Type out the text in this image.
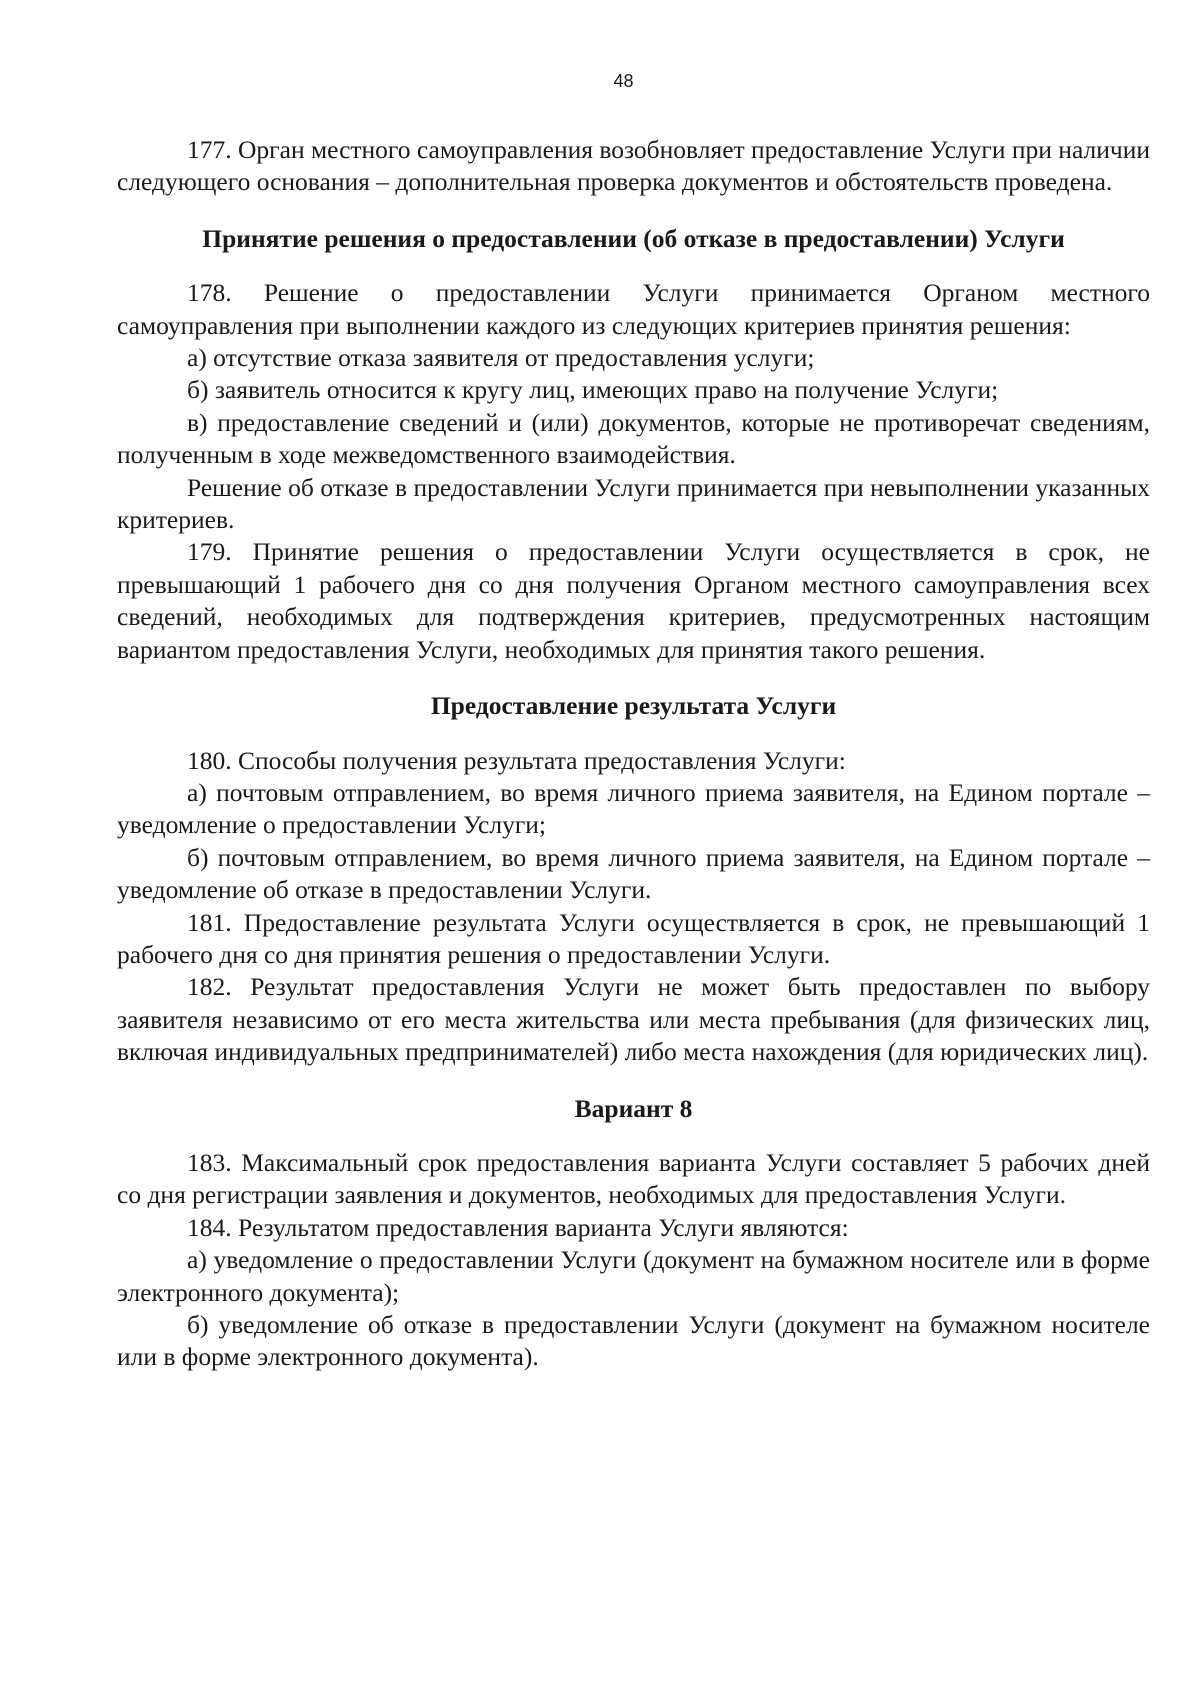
48

177. Орган местного самоуправления возобновляет предоставление Услуги при наличии следующего основания – дополнительная проверка документов и обстоятельств проведена.

Принятие решения о предоставлении (об отказе в предоставлении) Услуги

178. Решение о предоставлении Услуги принимается Органом местного самоуправления при выполнении каждого из следующих критериев принятия решения:

а) отсутствие отказа заявителя от предоставления услуги;

б) заявитель относится к кругу лиц, имеющих право на получение Услуги;

в) предоставление сведений и (или) документов, которые не противоречат сведениям, полученным в ходе межведомственного взаимодействия.

Решение об отказе в предоставлении Услуги принимается при невыполнении указанных критериев.

179. Принятие решения о предоставлении Услуги осуществляется в срок, не превышающий 1 рабочего дня со дня получения Органом местного самоуправления всех сведений, необходимых для подтверждения критериев, предусмотренных настоящим вариантом предоставления Услуги, необходимых для принятия такого решения.

Предоставление результата Услуги

180. Способы получения результата предоставления Услуги:

а) почтовым отправлением, во время личного приема заявителя, на Едином портале – уведомление о предоставлении Услуги;

б) почтовым отправлением, во время личного приема заявителя, на Едином портале – уведомление об отказе в предоставлении Услуги.

181. Предоставление результата Услуги осуществляется в срок, не превышающий 1 рабочего дня со дня принятия решения о предоставлении Услуги.

182. Результат предоставления Услуги не может быть предоставлен по выбору заявителя независимо от его места жительства или места пребывания (для физических лиц, включая индивидуальных предпринимателей) либо места нахождения (для юридических лиц).

Вариант 8

183. Максимальный срок предоставления варианта Услуги составляет 5 рабочих дней со дня регистрации заявления и документов, необходимых для предоставления Услуги.

184. Результатом предоставления варианта Услуги являются:

а) уведомление о предоставлении Услуги (документ на бумажном носителе или в форме электронного документа);

б) уведомление об отказе в предоставлении Услуги (документ на бумажном носителе или в форме электронного документа).
